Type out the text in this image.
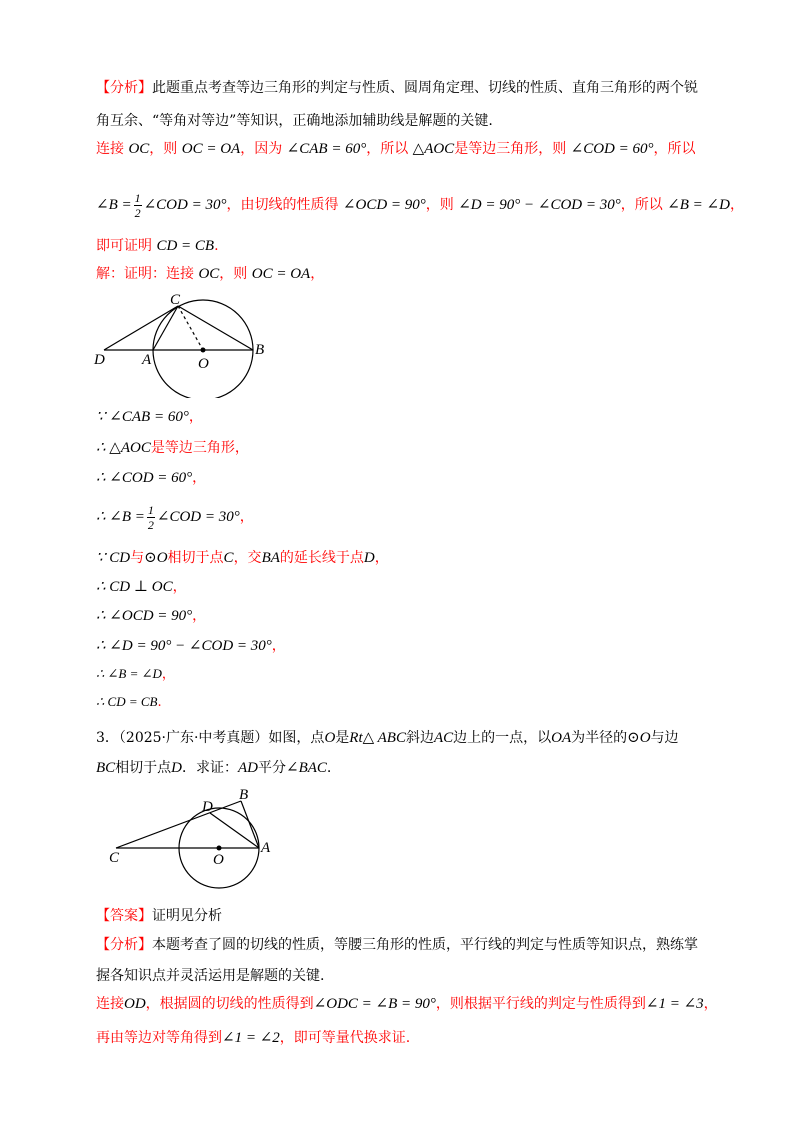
【分析】此题重点考查等边三角形的判定与性质、圆周角定理、切线的性质、直角三角形的两个锐
角互余、“等角对等边”等知识，正确地添加辅助线是解题的关键.
连接 OC，则 OC = OA，因为 ∠CAB = 60°，所以 △AOC是等边三角形，则 ∠COD = 60°，所以
∠B = $\frac{1}{2}$ ∠COD = 30°，由切线的性质得 ∠OCD = 90°，则 ∠D = 90° − ∠COD = 30°，所以 ∠B = ∠D，
即可证明 CD = CB.
解：证明：连接 OC，则 OC = OA，
C
D A	O
B
∵ ∠CAB = 60°，
∴ △AOC是等边三角形，
∴ ∠COD = 60°，
∴ ∠B = $\frac{1}{2}$ ∠COD = 30°，
∵ CD与⊙O相切于点C，交BA的延长线于点D，
∴ CD ⊥ OC，
∴ ∠OCD = 90°，
∴ ∠D = 90° − ∠COD = 30°，
∴ ∠B = ∠D，
∴ CD = CB.
3．（2025·广东·中考真题）如图，点O是Rt△ ABC斜边AC边上的一点，以OA为半径的⊙O与边
BC相切于点D．求证：AD平分∠BAC.
D
B
C	O
A
【答案】证明见分析
【分析】本题考查了圆的切线的性质，等腰三角形的性质，平行线的判定与性质等知识点，熟练掌
握各知识点并灵活运用是解题的关键.
连接OD，根据圆的切线的性质得到∠ODC = ∠B = 90°，则根据平行线的判定与性质得到∠1 = ∠3，
再由等边对等角得到∠1 = ∠2，即可等量代换求证.
